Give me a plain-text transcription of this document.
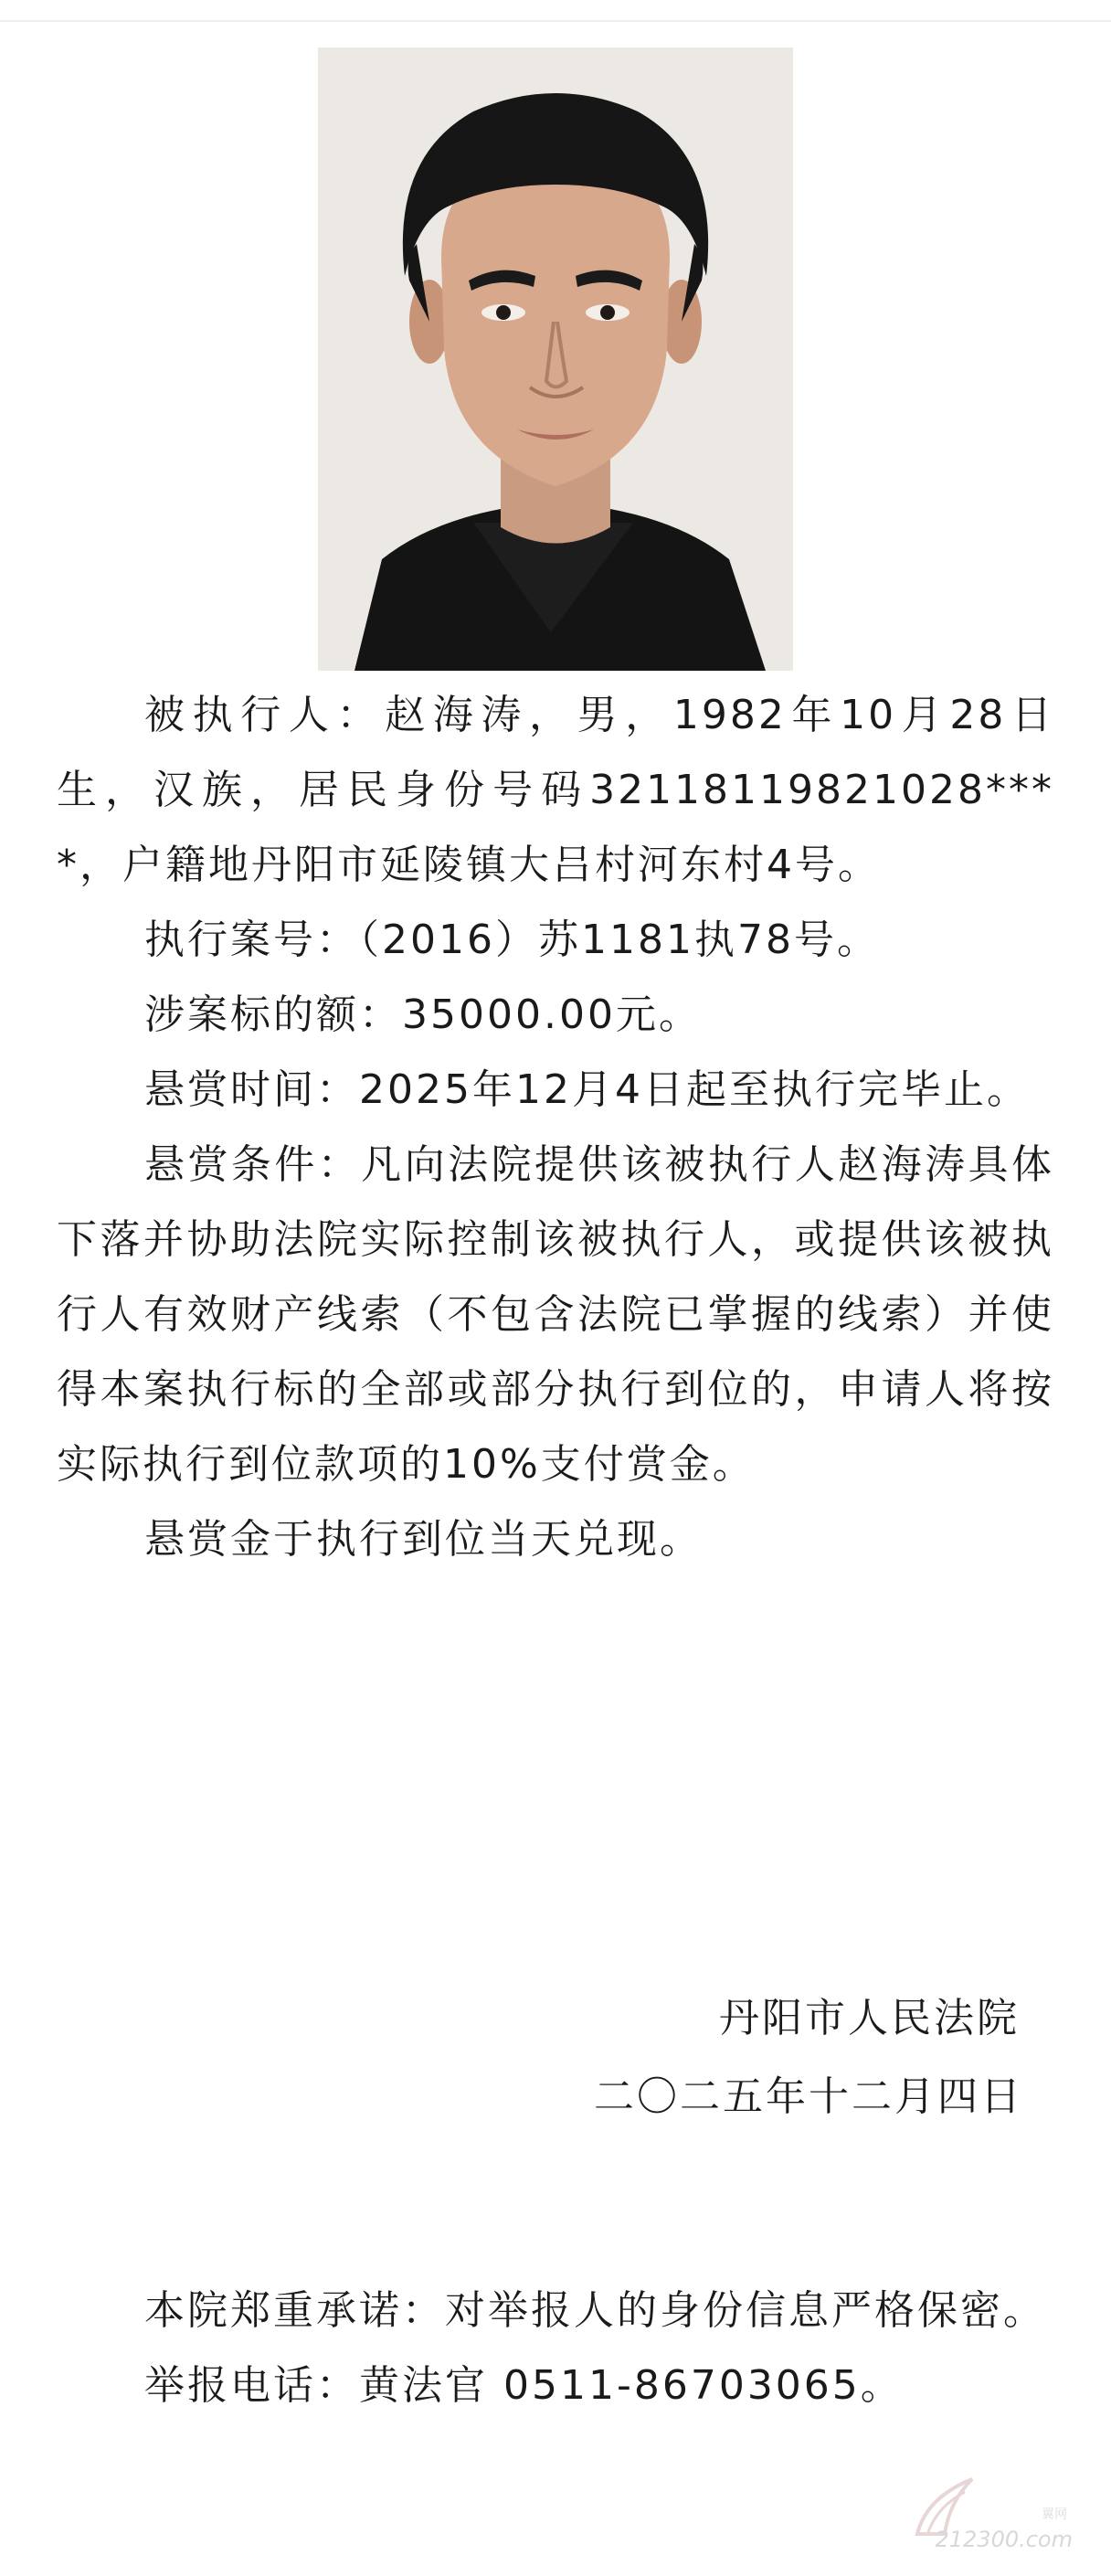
被执行人：赵海涛，男，1982年10月28日生，汉族，居民身份号码32118119821028****，户籍地丹阳市延陵镇大吕村河东村4号。

执行案号：（2016）苏1181执78号。

涉案标的额：35000.00元。

悬赏时间：2025年12月4日起至执行完毕止。

悬赏条件：凡向法院提供该被执行人赵海涛具体下落并协助法院实际控制该被执行人，或提供该被执行人有效财产线索（不包含法院已掌握的线索）并使得本案执行标的全部或部分执行到位的，申请人将按实际执行到位款项的10%支付赏金。

悬赏金于执行到位当天兑现。

丹阳市人民法院
二〇二五年十二月四日

本院郑重承诺：对举报人的身份信息严格保密。

举报电话：黄法官 0511-86703065。

翼网
212300.com
